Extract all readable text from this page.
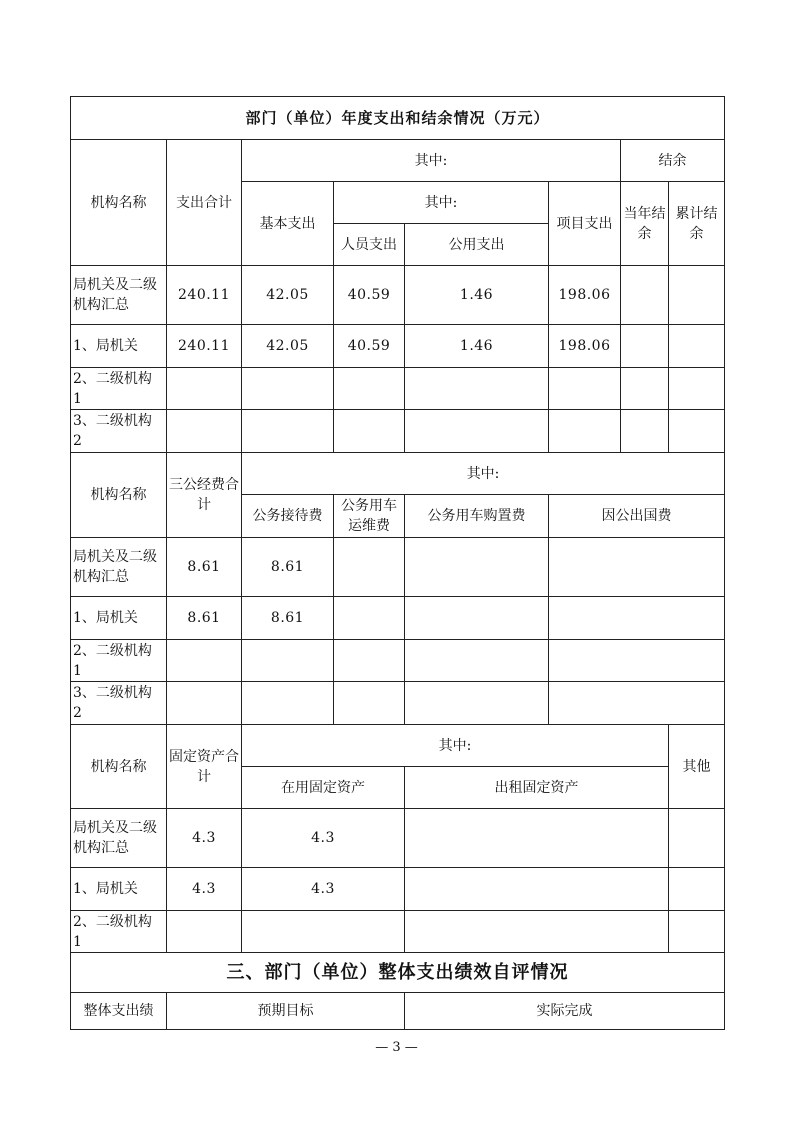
部门（单位）年度支出和结余情况（万元）							
机构名称	支出合计	其中:				结余	
		基本支出	其中:		项目支出	当年结余	累计结余
			人员支出	公用支出			
局机关及二级机构汇总	240.11	42.05	40.59	1.46	198.06		
1、局机关	240.11	42.05	40.59	1.46	198.06		
2、二级机构 1							
3、二级机构 2							
机构名称	三公经费合计	其中:					
		公务接待费	公务用车运维费	公务用车购置费	因公出国费		
局机关及二级机构汇总	8.61	8.61					
1、局机关	8.61	8.61					
2、二级机构 1							
3、二级机构 2							
机构名称	固定资产合计	其中:					其他
		在用固定资产		出租固定资产			
局机关及二级机构汇总	4.3	4.3					
1、局机关	4.3	4.3					
2、二级机构 1							
三、部门（单位）整体支出绩效自评情况							
整体支出绩	预期目标			实际完成			
— 3 —
